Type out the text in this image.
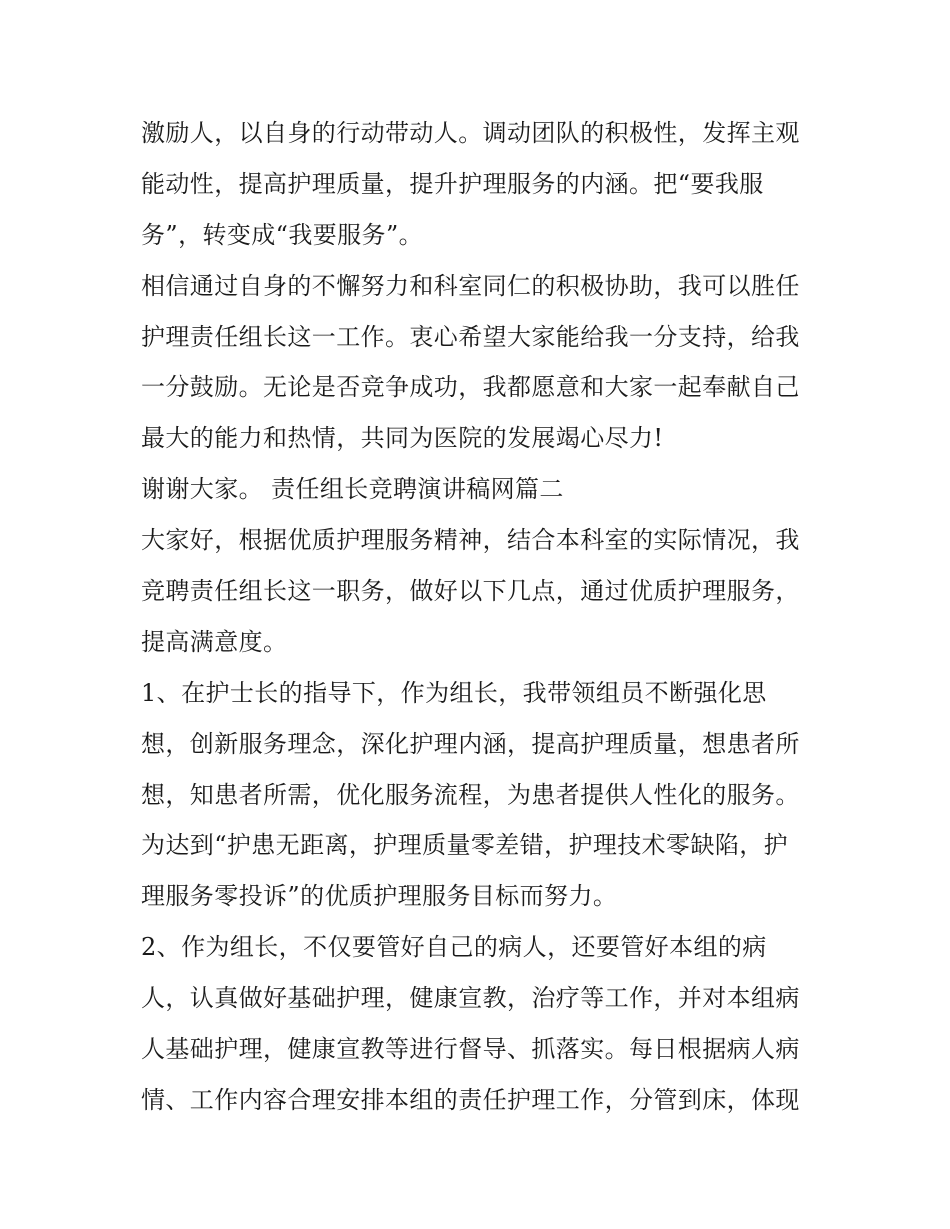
激励人，以自身的行动带动人。调动团队的积极性，发挥主观
能动性，提高护理质量，提升护理服务的内涵。把“要我服
务”，转变成“我要服务”。
相信通过自身的不懈努力和科室同仁的积极协助，我可以胜任
护理责任组长这一工作。衷心希望大家能给我一分支持，给我
一分鼓励。无论是否竞争成功，我都愿意和大家一起奉献自己
最大的能力和热情，共同为医院的发展竭心尽力!
谢谢大家。 责任组长竞聘演讲稿网篇二
大家好，根据优质护理服务精神，结合本科室的实际情况，我
竞聘责任组长这一职务，做好以下几点，通过优质护理服务，
提高满意度。
1、在护士长的指导下，作为组长，我带领组员不断强化思
想，创新服务理念，深化护理内涵，提高护理质量，想患者所
想，知患者所需，优化服务流程，为患者提供人性化的服务。
为达到“护患无距离，护理质量零差错，护理技术零缺陷，护
理服务零投诉”的优质护理服务目标而努力。
2、作为组长，不仅要管好自己的病人，还要管好本组的病
人，认真做好基础护理，健康宣教，治疗等工作，并对本组病
人基础护理，健康宣教等进行督导、抓落实。每日根据病人病
情、工作内容合理安排本组的责任护理工作，分管到床，体现
